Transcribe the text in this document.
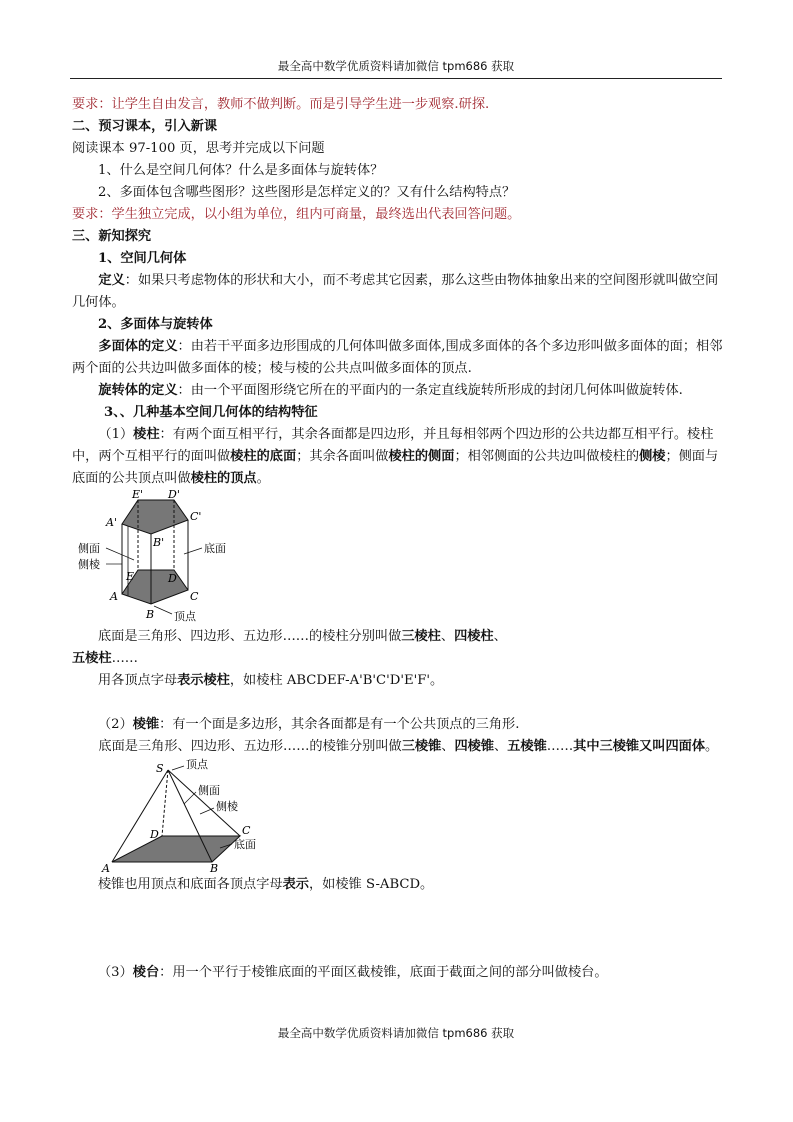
最全高中数学优质资料请加微信 tpm686 获取
要求：让学生自由发言，教师不做判断。而是引导学生进一步观察.研探.
二、预习课本，引入新课
阅读课本 97-100 页，思考并完成以下问题
1、什么是空间几何体？什么是多面体与旋转体？
2、多面体包含哪些图形？这些图形是怎样定义的？又有什么结构特点？
要求：学生独立完成，以小组为单位，组内可商量，最终选出代表回答问题。
三、新知探究
1、空间几何体
定义：如果只考虑物体的形状和大小，而不考虑其它因素，那么这些由物体抽象出来的空间图形就叫做空间几何体。
2、多面体与旋转体
多面体的定义：由若干平面多边形围成的几何体叫做多面体,围成多面体的各个多边形叫做多面体的面；相邻两个面的公共边叫做多面体的棱；棱与棱的公共点叫做多面体的顶点.
旋转体的定义：由一个平面图形绕它所在的平面内的一条定直线旋转所形成的封闭几何体叫做旋转体.
3、、几种基本空间几何体的结构特征
（1）棱柱：有两个面互相平行，其余各面都是四边形，并且每相邻两个四边形的公共边都互相平行。棱柱中，两个互相平行的面叫做棱柱的底面；其余各面叫做棱柱的侧面；相邻侧面的公共边叫做棱柱的侧棱；侧面与底面的公共顶点叫做棱柱的顶点。
E' D'
A'	C'
B'
侧面
侧棱
底面
E	D
A	C
B 顶点
底面是三角形、四边形、五边形……的棱柱分别叫做三棱柱、四棱柱、
五棱柱……
用各顶点字母表示棱柱，如棱柱 ABCDEF-A'B'C'D'E'F'。
（2）棱锥：有一个面是多边形，其余各面都是有一个公共顶点的三角形.
底面是三角形、四边形、五边形……的棱锥分别叫做三棱锥、四棱锥、五棱锥……其中三棱锥又叫四面体。
S 顶点
侧面
侧棱
C
D
底面
A	B
棱锥也用顶点和底面各顶点字母表示，如棱锥 S-ABCD。
（3）棱台：用一个平行于棱锥底面的平面区截棱锥，底面于截面之间的部分叫做棱台。
最全高中数学优质资料请加微信 tpm686 获取
